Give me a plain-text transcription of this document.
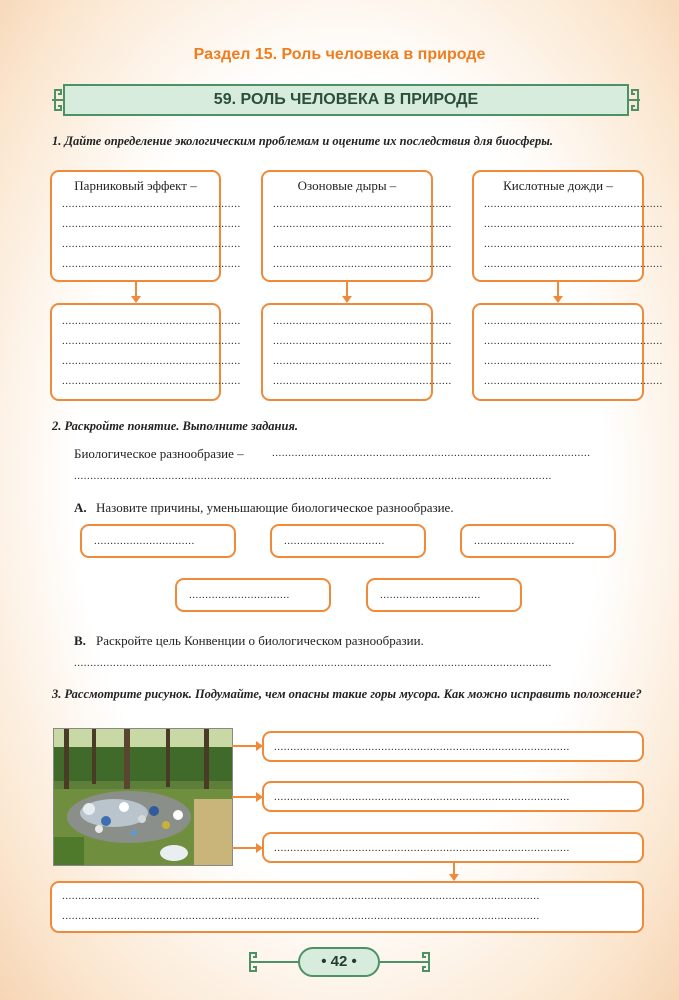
Раздел 15. Роль человека в природе
59. РОЛЬ ЧЕЛОВЕКА В ПРИРОДЕ
1. Дайте определение экологическим проблемам и оцените их последствия для биосферы.
Парниковый эффект –
.......................................................
.......................................................
.......................................................
.......................................................
Озоновые дыры –
.......................................................
.......................................................
.......................................................
.......................................................
Кислотные дожди –
.......................................................
.......................................................
.......................................................
.......................................................
.......................................................
.......................................................
.......................................................
.......................................................
.......................................................
.......................................................
.......................................................
.......................................................
.......................................................
.......................................................
.......................................................
.......................................................
2. Раскройте понятие. Выполните задания.
Биологическое разнообразие –	..................................................................................................
...................................................................................................................................................
А. Назовите причины, уменьшающие биологическое разнообразие.
...............................	...............................	...............................
...............................	...............................
В. Раскройте цель Конвенции о биологическом разнообразии.
...................................................................................................................................................
3. Рассмотрите рисунок. Подумайте, чем опасны такие горы мусора. Как можно исправить положение?
...........................................................................................
...........................................................................................
...........................................................................................
...................................................................................................................................................
...................................................................................................................................................
• 42 •
